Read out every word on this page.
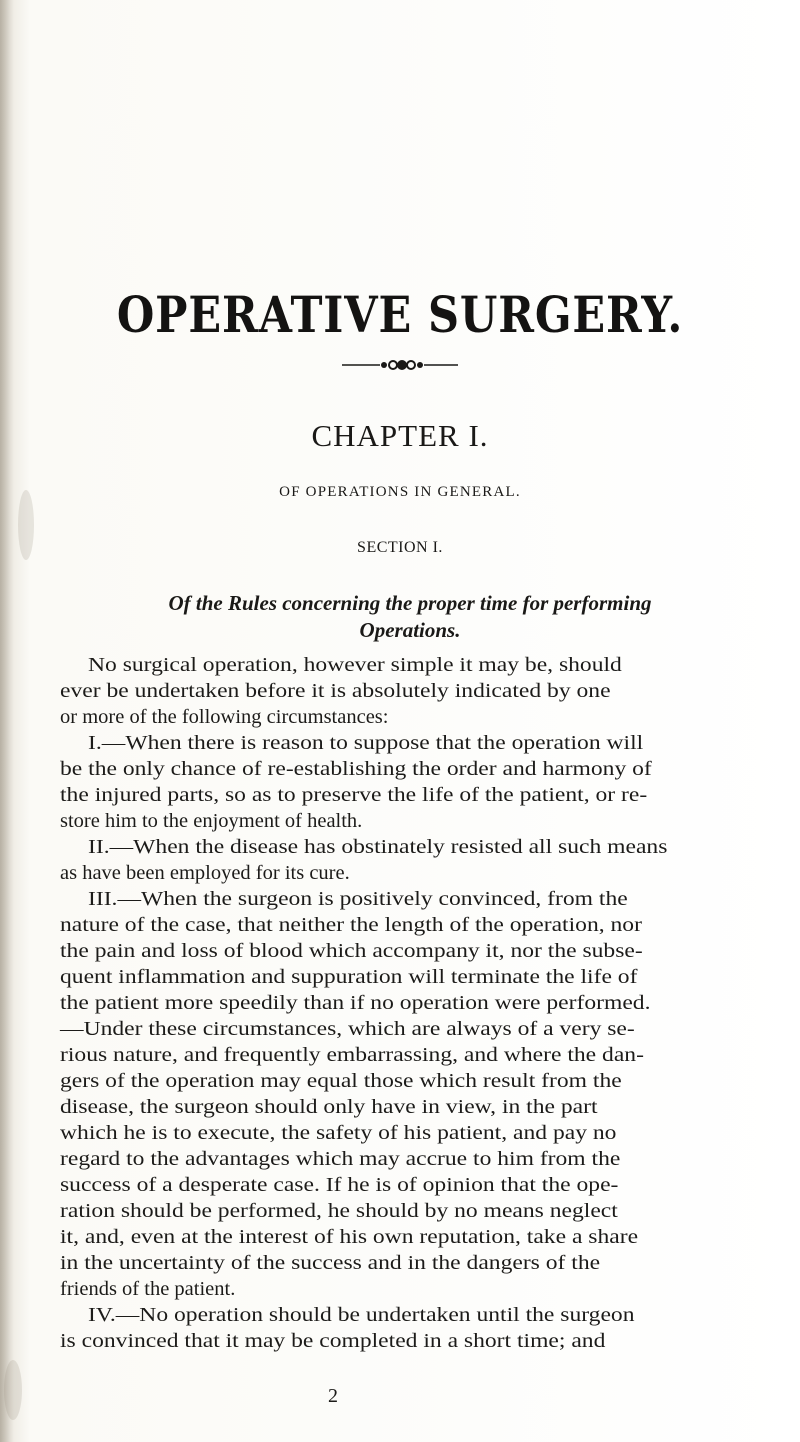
OPERATIVE SURGERY.
CHAPTER I.
OF OPERATIONS IN GENERAL.
SECTION I.
Of the Rules concerning the proper time for performing
Operations.
No surgical operation, however simple it may be, should
ever be undertaken before it is absolutely indicated by one
or more of the following circumstances:
I.—When there is reason to suppose that the operation will
be the only chance of re-establishing the order and harmony of
the injured parts, so as to preserve the life of the patient, or re-
store him to the enjoyment of health.
II.—When the disease has obstinately resisted all such means
as have been employed for its cure.
III.—When the surgeon is positively convinced, from the
nature of the case, that neither the length of the operation, nor
the pain and loss of blood which accompany it, nor the subse-
quent inflammation and suppuration will terminate the life of
the patient more speedily than if no operation were performed.
—Under these circumstances, which are always of a very se-
rious nature, and frequently embarrassing, and where the dan-
gers of the operation may equal those which result from the
disease, the surgeon should only have in view, in the part
which he is to execute, the safety of his patient, and pay no
regard to the advantages which may accrue to him from the
success of a desperate case. If he is of opinion that the ope-
ration should be performed, he should by no means neglect
it, and, even at the interest of his own reputation, take a share
in the uncertainty of the success and in the dangers of the
friends of the patient.
IV.—No operation should be undertaken until the surgeon
is convinced that it may be completed in a short time; and
2
